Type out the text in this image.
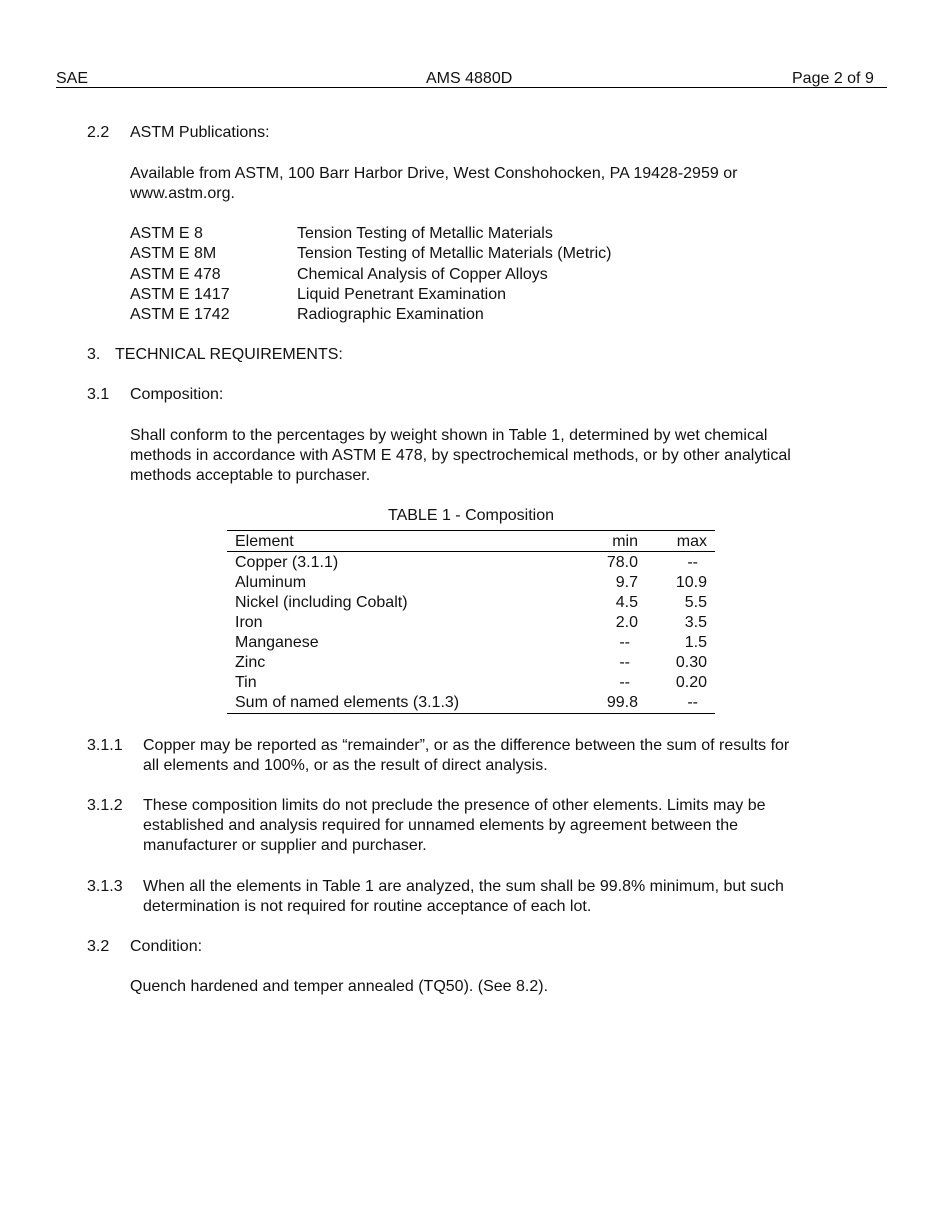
SAE	AMS 4880D	Page 2 of 9
2.2 ASTM Publications:
Available from ASTM, 100 Barr Harbor Drive, West Conshohocken, PA 19428-2959 or
www.astm.org.
ASTM E 8	Tension Testing of Metallic Materials
ASTM E 8M	Tension Testing of Metallic Materials (Metric)
ASTM E 478	Chemical Analysis of Copper Alloys
ASTM E 1417	Liquid Penetrant Examination
ASTM E 1742	Radiographic Examination
3. TECHNICAL REQUIREMENTS:
3.1 Composition:
Shall conform to the percentages by weight shown in Table 1, determined by wet chemical
methods in accordance with ASTM E 478, by spectrochemical methods, or by other analytical
methods acceptable to purchaser.
TABLE 1 - Composition
Element	min	max
Copper (3.1.1)	78.0	--
Aluminum	9.7	10.9
Nickel (including Cobalt)	4.5	5.5
Iron	2.0	3.5
Manganese	--	1.5
Zinc	--	0.30
Tin	--	0.20
Sum of named elements (3.1.3)	99.8	--
3.1.1 Copper may be reported as “remainder”, or as the difference between the sum of results for
all elements and 100%, or as the result of direct analysis.
3.1.2 These composition limits do not preclude the presence of other elements. Limits may be
established and analysis required for unnamed elements by agreement between the
manufacturer or supplier and purchaser.
3.1.3 When all the elements in Table 1 are analyzed, the sum shall be 99.8% minimum, but such
determination is not required for routine acceptance of each lot.
3.2 Condition:
Quench hardened and temper annealed (TQ50). (See 8.2).
